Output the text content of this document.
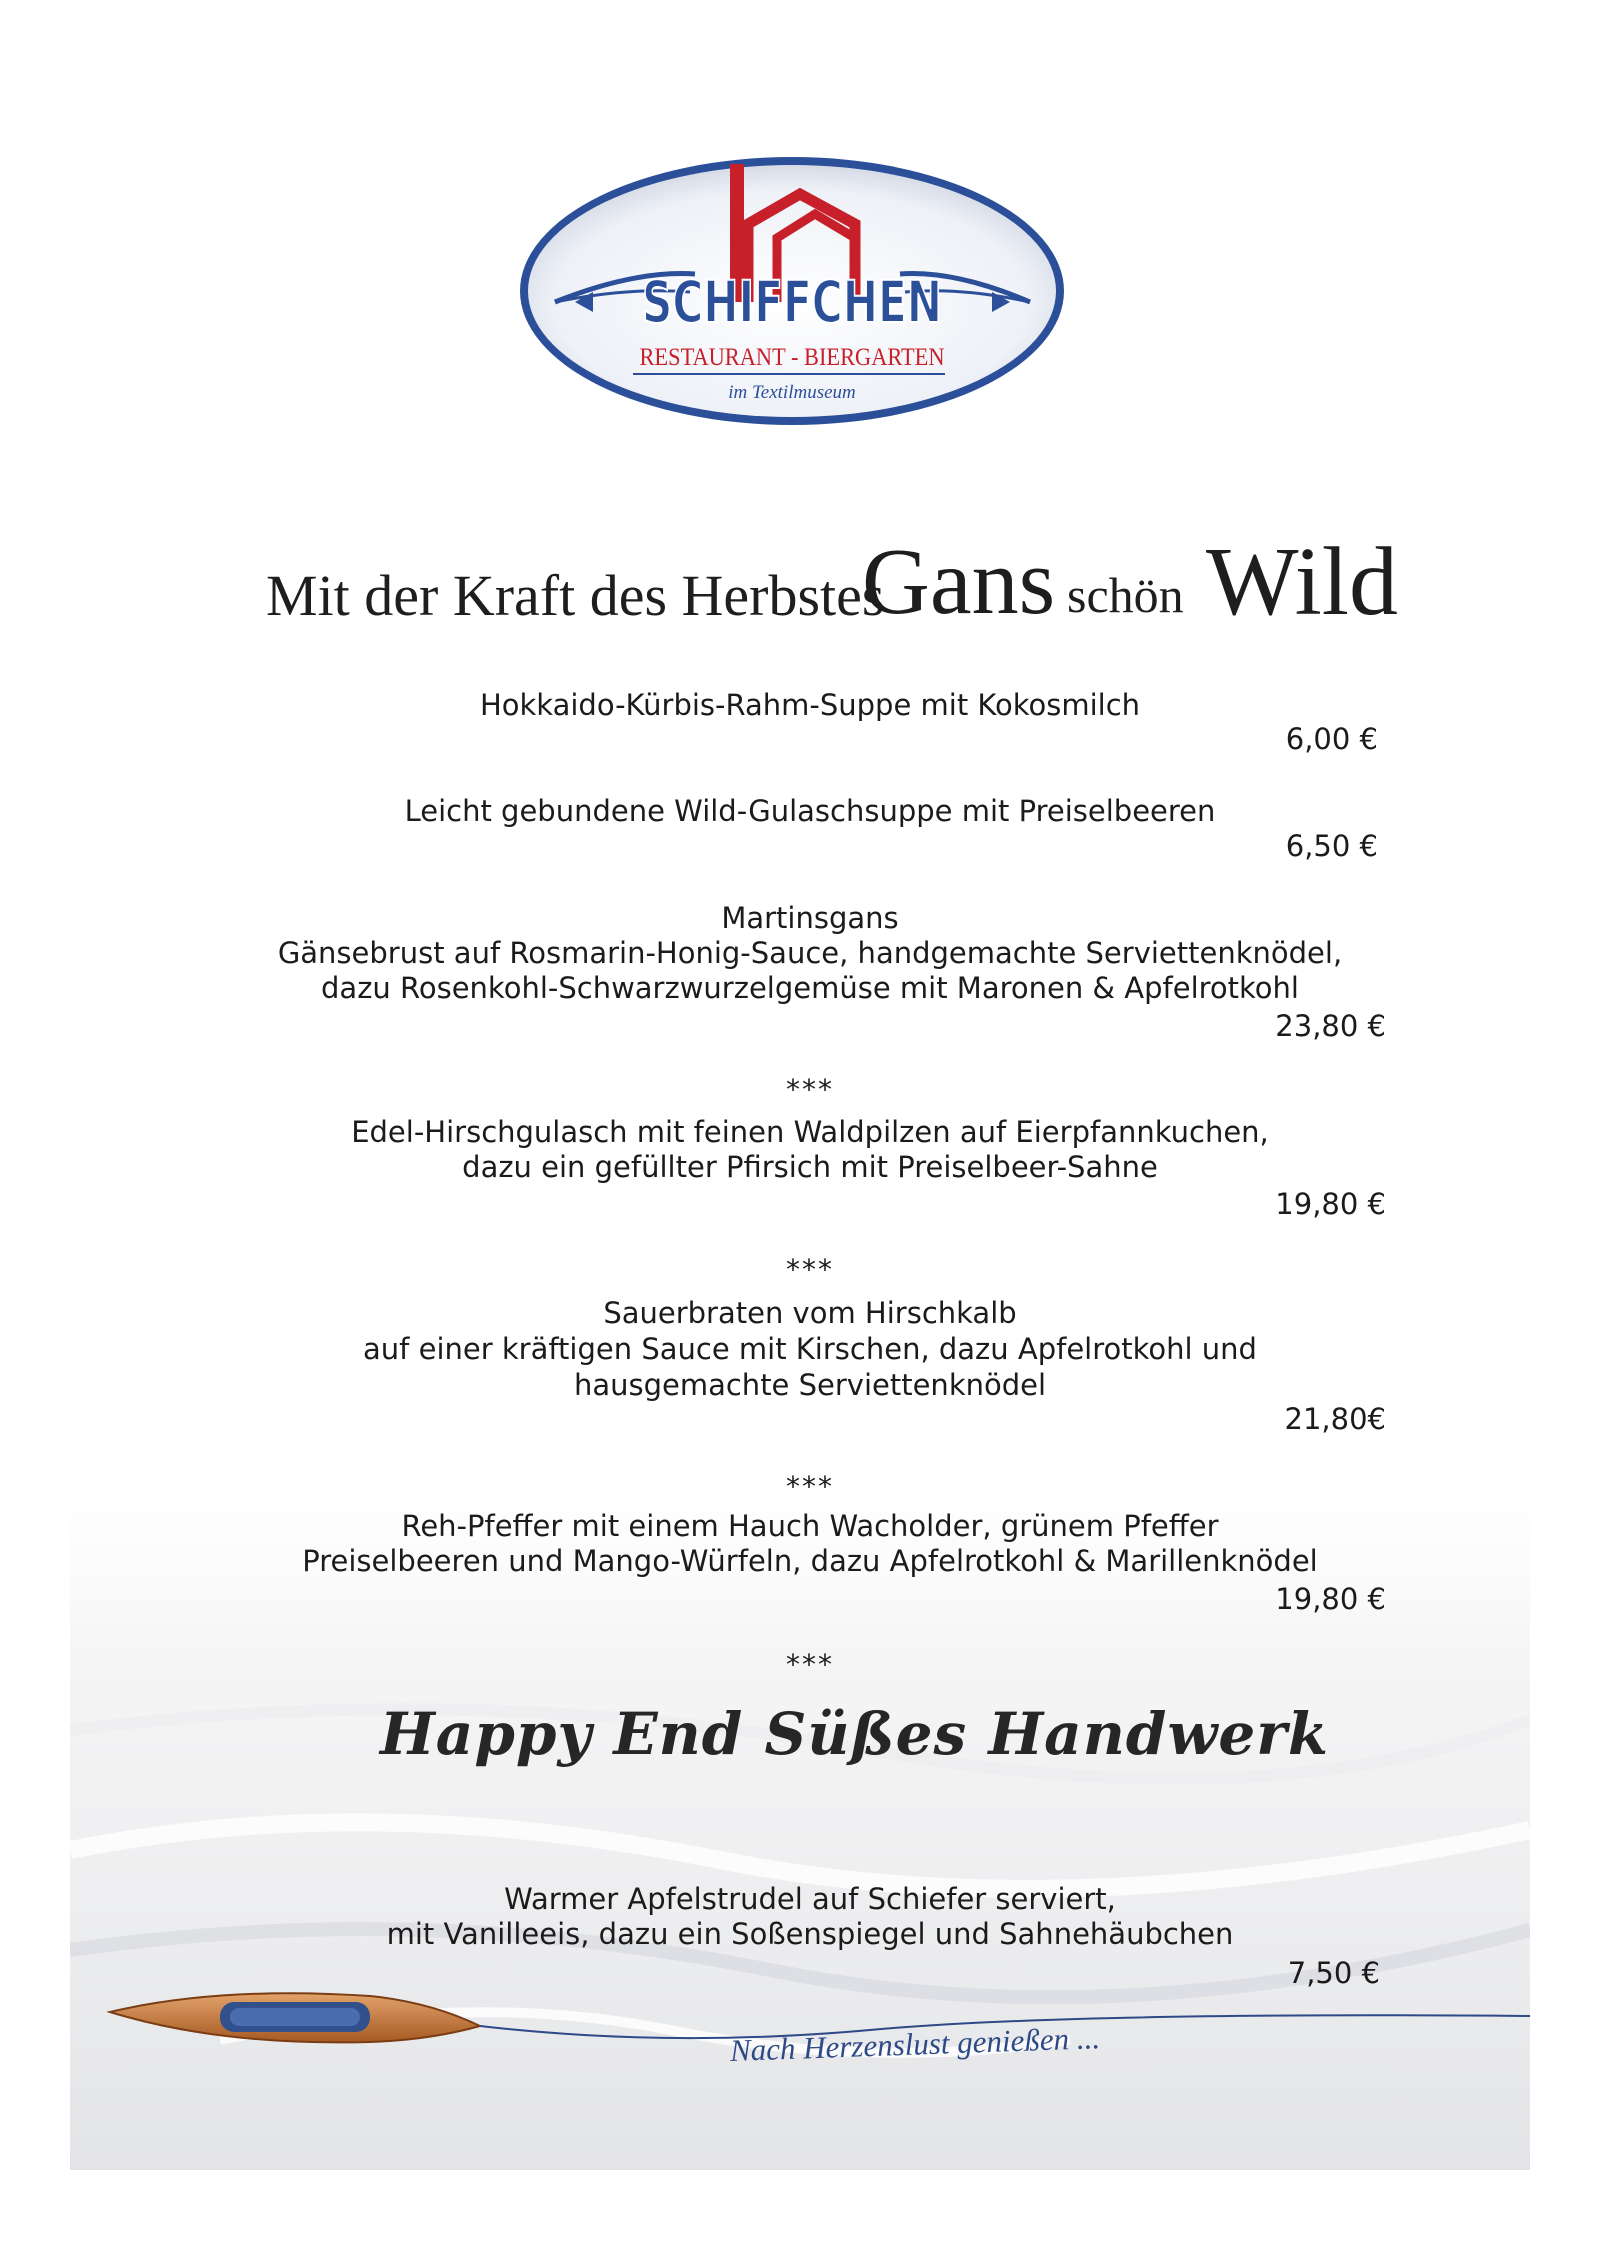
SCHIFFCHEN
RESTAURANT - BIERGARTEN
im Textilmuseum
Mit der Kraft des Herbstes
Gans schön Wild
Hokkaido-Kürbis-Rahm-Suppe mit Kokosmilch
6,00 €
Leicht gebundene Wild-Gulaschsuppe mit Preiselbeeren
6,50 €
Martinsgans
Gänsebrust auf Rosmarin-Honig-Sauce, handgemachte Serviettenknödel,
dazu Rosenkohl-Schwarzwurzelgemüse mit Maronen & Apfelrotkohl
23,80 €
***
Edel-Hirschgulasch mit feinen Waldpilzen auf Eierpfannkuchen,
dazu ein gefüllter Pfirsich mit Preiselbeer-Sahne
19,80 €
***
Sauerbraten vom Hirschkalb
auf einer kräftigen Sauce mit Kirschen, dazu Apfelrotkohl und
hausgemachte Serviettenknödel
21,80€
***
Reh-Pfeffer mit einem Hauch Wacholder, grünem Pfeffer
Preiselbeeren und Mango-Würfeln, dazu Apfelrotkohl & Marillenknödel
19,80 €
***
Happy End Süßes Handwerk
Warmer Apfelstrudel auf Schiefer serviert,
mit Vanilleeis, dazu ein Soßenspiegel und Sahnehäubchen
7,50 €
Nach Herzenslust genießen ...
